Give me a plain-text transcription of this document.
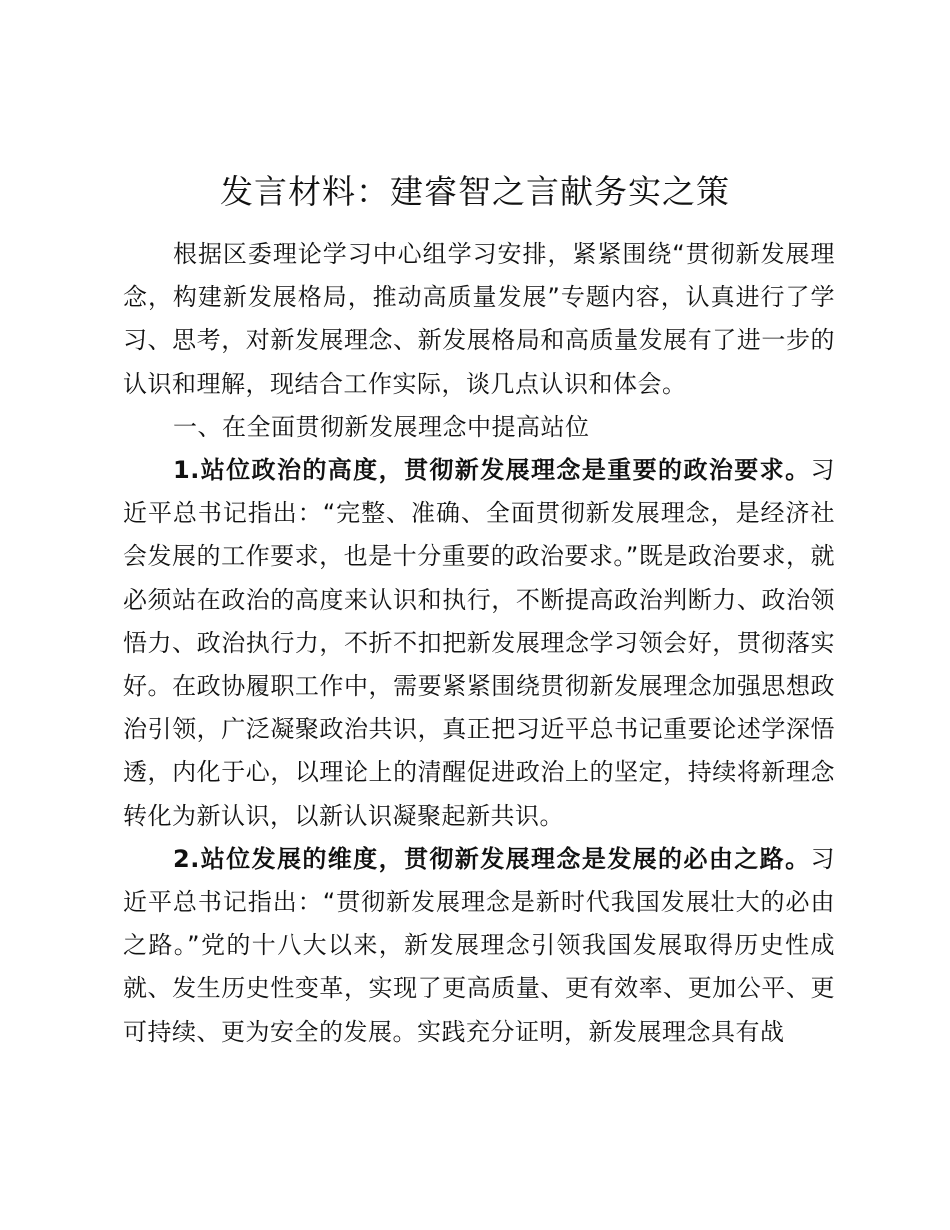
发言材料：建睿智之言献务实之策

根据区委理论学习中心组学习安排，紧紧围绕“贯彻新发展理念，构建新发展格局，推动高质量发展”专题内容，认真进行了学习、思考，对新发展理念、新发展格局和高质量发展有了进一步的认识和理解，现结合工作实际，谈几点认识和体会。

一、在全面贯彻新发展理念中提高站位

1.站位政治的高度，贯彻新发展理念是重要的政治要求。习近平总书记指出：“完整、准确、全面贯彻新发展理念，是经济社会发展的工作要求，也是十分重要的政治要求。”既是政治要求，就必须站在政治的高度来认识和执行，不断提高政治判断力、政治领悟力、政治执行力，不折不扣把新发展理念学习领会好，贯彻落实好。在政协履职工作中，需要紧紧围绕贯彻新发展理念加强思想政治引领，广泛凝聚政治共识，真正把习近平总书记重要论述学深悟透，内化于心，以理论上的清醒促进政治上的坚定，持续将新理念转化为新认识，以新认识凝聚起新共识。

2.站位发展的维度，贯彻新发展理念是发展的必由之路。习近平总书记指出：“贯彻新发展理念是新时代我国发展壮大的必由之路。”党的十八大以来，新发展理念引领我国发展取得历史性成就、发生历史性变革，实现了更高质量、更有效率、更加公平、更可持续、更为安全的发展。实践充分证明，新发展理念具有战
